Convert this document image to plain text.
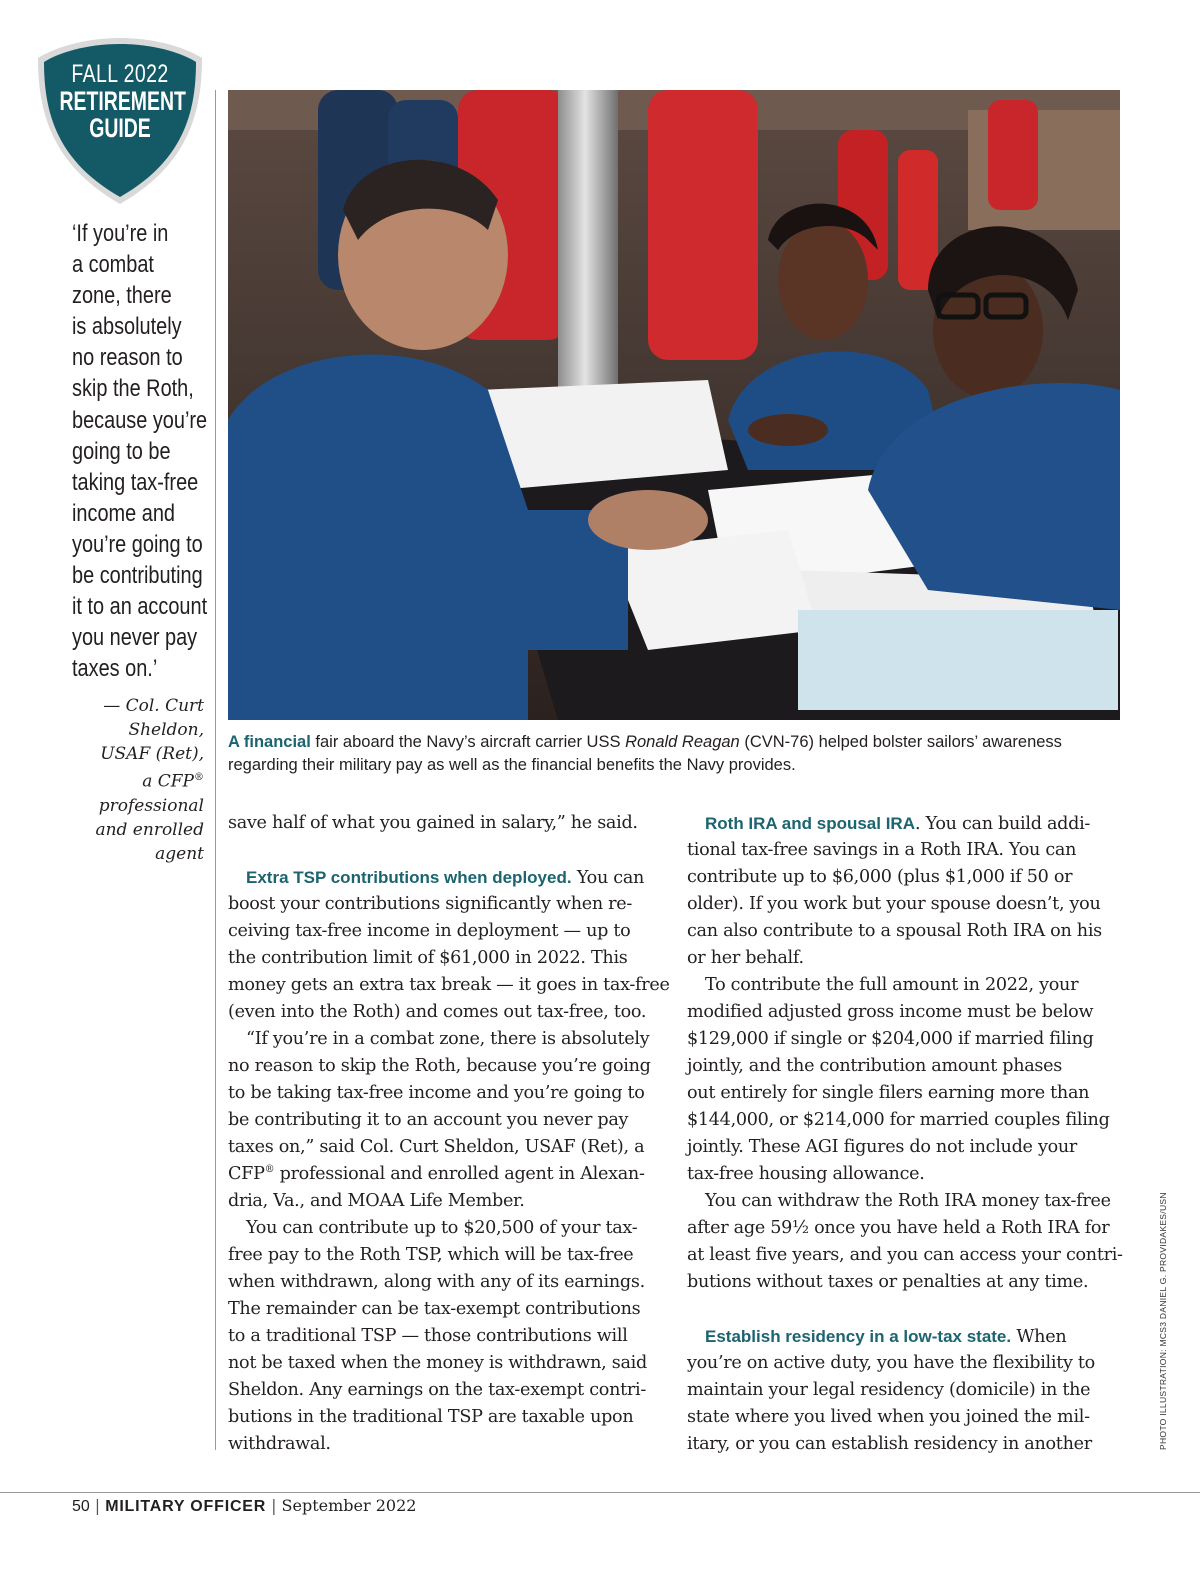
FALL 2022
RETIREMENT
GUIDE
‘If you’re in
a combat
zone, there
is absolutely
no reason to
skip the Roth,
because you’re
going to be
taking tax-free
income and
you’re going to
be contributing
it to an account
you never pay
taxes on.’
— Col. Curt
Sheldon,
USAF (Ret),
a CFP®
professional
and enrolled
agent
A financial fair aboard the Navy’s aircraft carrier USS Ronald Reagan (CVN-76) helped bolster sailors’ awareness
regarding their military pay as well as the financial benefits the Navy provides.
save half of what you gained in salary,” he said.
Extra TSP contributions when deployed. You can
boost your contributions significantly when re-
ceiving tax-free income in deployment — up to
the contribution limit of $61,000 in 2022. This
money gets an extra tax break — it goes in tax-free
(even into the Roth) and comes out tax-free, too.
“If you’re in a combat zone, there is absolutely
no reason to skip the Roth, because you’re going
to be taking tax-free income and you’re going to
be contributing it to an account you never pay
taxes on,” said Col. Curt Sheldon, USAF (Ret), a
CFP® professional and enrolled agent in Alexan-
dria, Va., and MOAA Life Member.
You can contribute up to $20,500 of your tax-
free pay to the Roth TSP, which will be tax-free
when withdrawn, along with any of its earnings.
The remainder can be tax-exempt contributions
to a traditional TSP — those contributions will
not be taxed when the money is withdrawn, said
Sheldon. Any earnings on the tax-exempt contri-
butions in the traditional TSP are taxable upon
withdrawal.
Roth IRA and spousal IRA. You can build addi-
tional tax-free savings in a Roth IRA. You can
contribute up to $6,000 (plus $1,000 if 50 or
older). If you work but your spouse doesn’t, you
can also contribute to a spousal Roth IRA on his
or her behalf.
To contribute the full amount in 2022, your
modified adjusted gross income must be below
$129,000 if single or $204,000 if married filing
jointly, and the contribution amount phases
out entirely for single filers earning more than
$144,000, or $214,000 for married couples filing
jointly. These AGI figures do not include your
tax-free housing allowance.
You can withdraw the Roth IRA money tax-free
after age 59½ once you have held a Roth IRA for
at least five years, and you can access your contri-
butions without taxes or penalties at any time.
Establish residency in a low-tax state. When
you’re on active duty, you have the flexibility to
maintain your legal residency (domicile) in the
state where you lived when you joined the mil-
itary, or you can establish residency in another	PHOTO ILLUSTRATION: MCS3 DANIEL G. PROVIDAKES/USN
50 | MILITARY OFFICER | September 2022
